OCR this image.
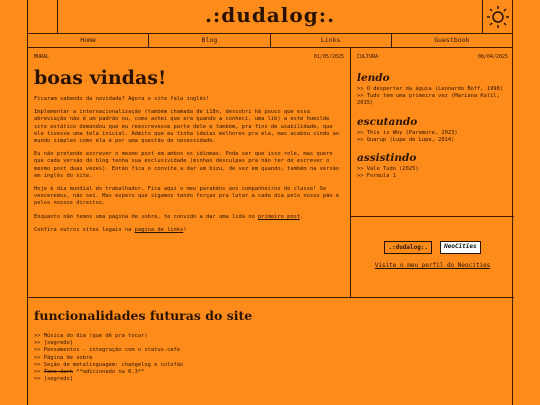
.:dudalog:.
Home	Blog	Links	Guestbook
MURAL	01/05/2025
boas vindas!

Ficaram sabendo da novidade? Agora o site fala inglês!

Implementar a internacionalização (também chamada de i18n, descobri há pouco que essa abreviação não é um padrão ou, como achei que era quando a conheci, uma lib) a este humilde site estático demandou que eu reescrevesse parte dele e também, pra fins de usabilidade, que ele tivesse uma tela inicial. Admito que eu tinha ideias melhores pra ela, mas acabou vindo ao mundo simples como ela é por uma questão de necessidade.

Eu não pretendo escrever o mesmo post em ambos os idiomas. Pode ser que isso role, mas quero que cada versão do blog tenha sua exclusividade (minhas desculpas pra não ter de escrever o mesmo post duas vezes). Então fica o convite a dar um bizu, de vez em quando, também na versão em inglês do site.

Hoje é dia mundial do trabalhador. Fica aqui o meu parabéns aos companheiros de classe! Se venceremos, não sei. Mas espero que sigamos tendo forças pra lutar a cada dia pelo nosso pão e pelos nossos direitos.

Enquanto não temos uma página de sobre, te convido a dar uma lida no primeiro post.

Confira outros sites legais na página de links!

CULTURA	08/04/2025
lendo
>> O despertar da águia (Leonardo Boff, 1998)
>> Tudo tem uma primeira vez (Mariana Kalil, 2015)
escutando
>> This is Why (Paramore, 2023)
>> Quarup (Lupe de Lupe, 2014)
assistindo
>> Vale Tudo (2025)
>> Formula 1
.:dudalog:.	NeoCities
Visite o meu perfil do Neocities
funcionalidades futuras do site
>> Música do dia (que dê pra tocar)
>> [segredo]
>> Pensamentos - integração com o status.cafe
>> Página de sobre
>> Seção de metalinguagem: changelog e colofão
>> Tema dark **adicionado na 0.3**
>> [segredo]
